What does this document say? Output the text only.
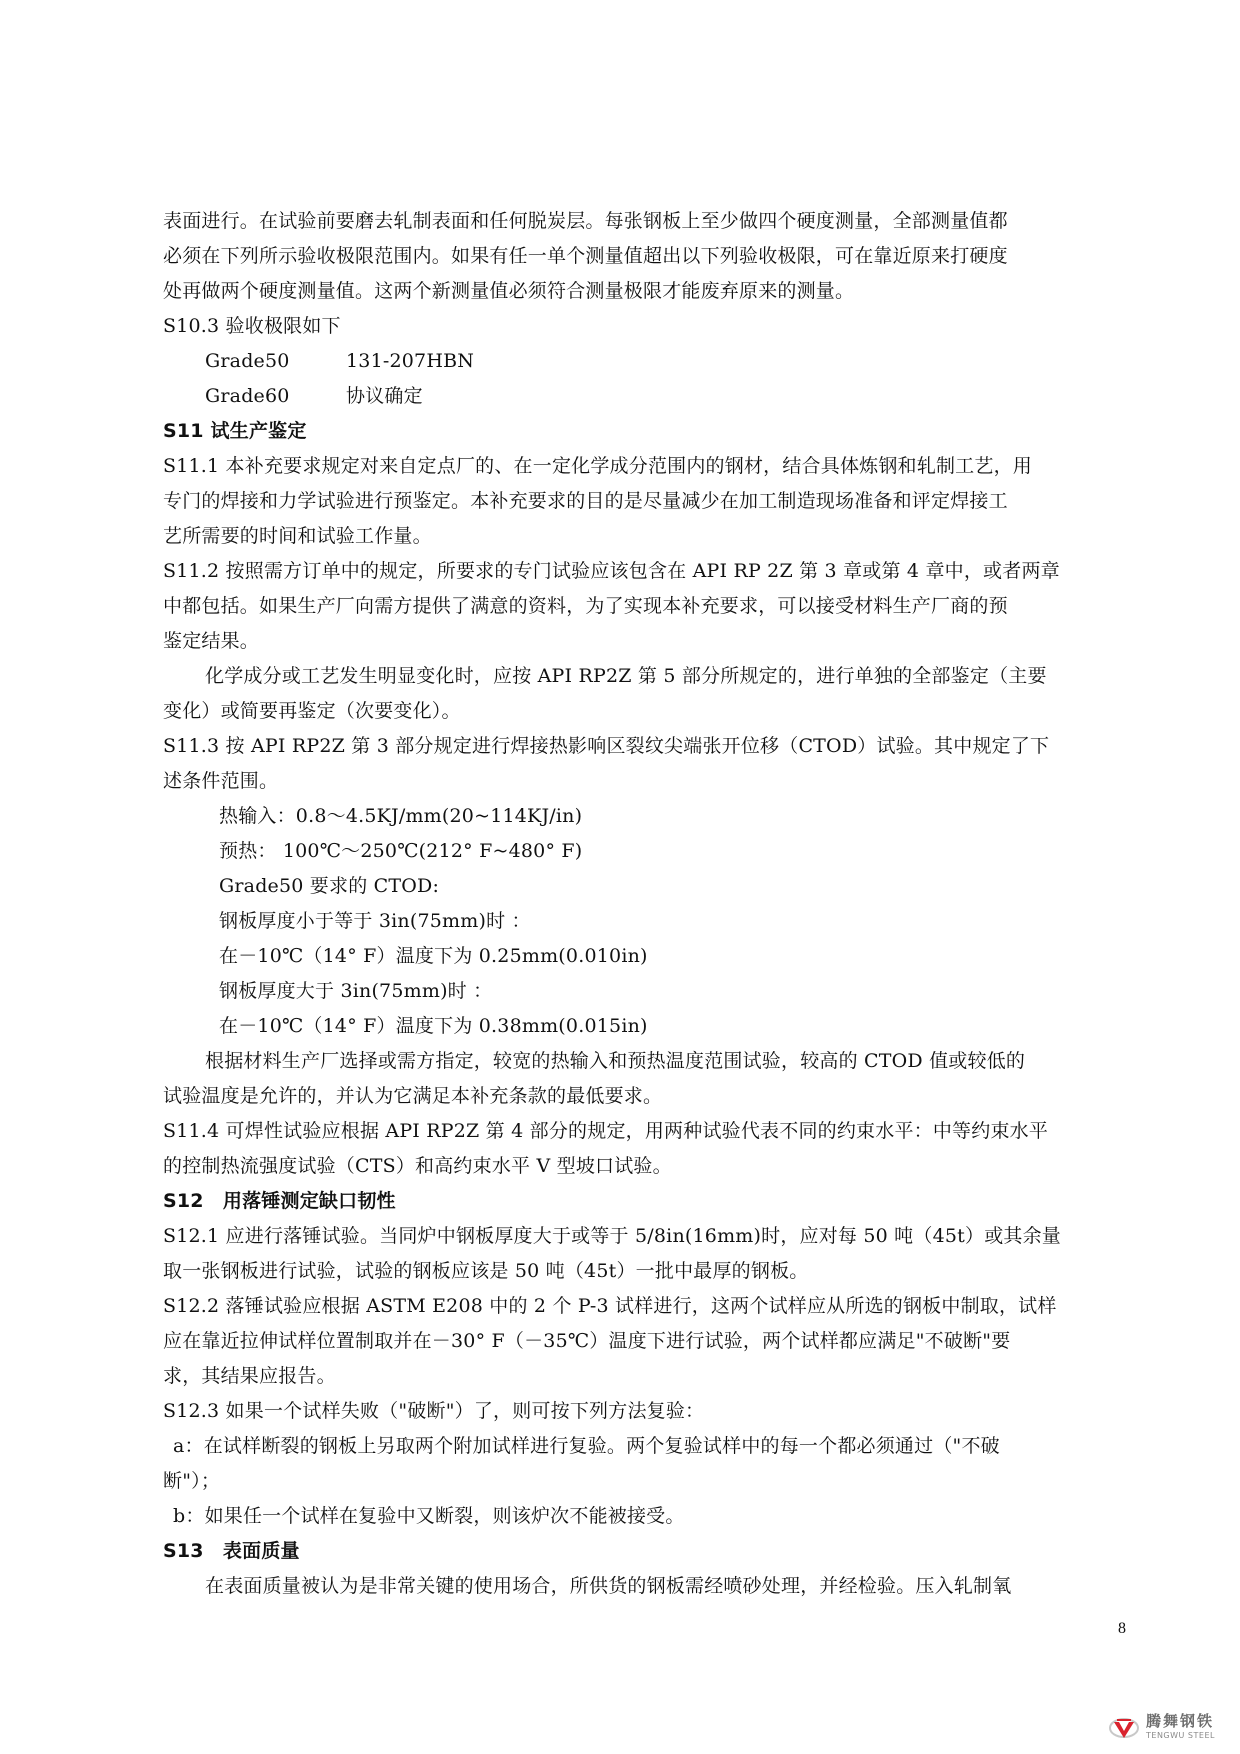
表面进行。在试验前要磨去轧制表面和任何脱炭层。每张钢板上至少做四个硬度测量，全部测量值都
必须在下列所示验收极限范围内。如果有任一单个测量值超出以下列验收极限，可在靠近原来打硬度
处再做两个硬度测量值。这两个新测量值必须符合测量极限才能废弃原来的测量。
S10.3 验收极限如下
Grade50	131-207HBN
Grade60	协议确定
S11 试生产鉴定
S11.1 本补充要求规定对来自定点厂的、在一定化学成分范围内的钢材，结合具体炼钢和轧制工艺，用
专门的焊接和力学试验进行预鉴定。本补充要求的目的是尽量减少在加工制造现场准备和评定焊接工
艺所需要的时间和试验工作量。
S11.2 按照需方订单中的规定，所要求的专门试验应该包含在 API RP 2Z 第 3 章或第 4 章中，或者两章
中都包括。如果生产厂向需方提供了满意的资料，为了实现本补充要求，可以接受材料生产厂商的预
鉴定结果。
化学成分或工艺发生明显变化时，应按 API RP2Z 第 5 部分所规定的，进行单独的全部鉴定（主要
变化）或简要再鉴定（次要变化）。
S11.3 按 API RP2Z 第 3 部分规定进行焊接热影响区裂纹尖端张开位移（CTOD）试验。其中规定了下
述条件范围。
热输入：0.8～4.5KJ/mm(20~114KJ/in)
预热： 100℃～250℃(212° F~480° F)
Grade50 要求的 CTOD:
钢板厚度小于等于 3in(75mm)时 ：
在－10℃（14° F）温度下为 0.25mm(0.010in)
钢板厚度大于 3in(75mm)时 ：
在－10℃（14° F）温度下为 0.38mm(0.015in)
根据材料生产厂选择或需方指定，较宽的热输入和预热温度范围试验，较高的 CTOD 值或较低的
试验温度是允许的，并认为它满足本补充条款的最低要求。
S11.4 可焊性试验应根据 API RP2Z 第 4 部分的规定，用两种试验代表不同的约束水平：中等约束水平
的控制热流强度试验（CTS）和高约束水平 V 型坡口试验。
S12　用落锤测定缺口韧性
S12.1 应进行落锤试验。当同炉中钢板厚度大于或等于 5/8in(16mm)时，应对每 50 吨（45t）或其余量
取一张钢板进行试验，试验的钢板应该是 50 吨（45t）一批中最厚的钢板。
S12.2 落锤试验应根据 ASTM E208 中的 2 个 P-3 试样进行，这两个试样应从所选的钢板中制取，试样
应在靠近拉伸试样位置制取并在－30° F（－35℃）温度下进行试验，两个试样都应满足"不破断"要
求，其结果应报告。
S12.3 如果一个试样失败（"破断"）了，则可按下列方法复验：
a：在试样断裂的钢板上另取两个附加试样进行复验。两个复验试样中的每一个都必须通过（"不破
断"）；
b：如果任一个试样在复验中又断裂，则该炉次不能被接受。
S13　表面质量
在表面质量被认为是非常关键的使用场合，所供货的钢板需经喷砂处理，并经检验。压入轧制氧
8
腾舞钢铁
TENGWU STEEL
